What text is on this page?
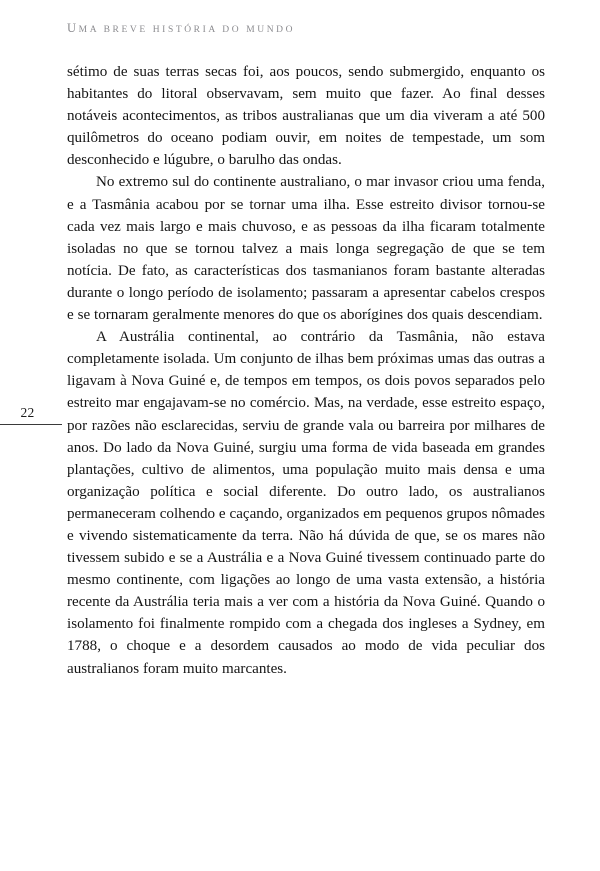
UMA BREVE HISTÓRIA DO MUNDO
22

sétimo de suas terras secas foi, aos poucos, sendo submergido, enquanto os habitantes do litoral observavam, sem muito que fazer. Ao final desses notáveis acontecimentos, as tribos australianas que um dia viveram a até 500 quilômetros do oceano podiam ouvir, em noites de tempestade, um som desconhecido e lúgubre, o barulho das ondas.

No extremo sul do continente australiano, o mar invasor criou uma fenda, e a Tasmânia acabou por se tornar uma ilha. Esse estreito divisor tornou-se cada vez mais largo e mais chuvoso, e as pessoas da ilha ficaram totalmente isoladas no que se tornou talvez a mais longa segregação de que se tem notícia. De fato, as características dos tasmanianos foram bastante alteradas durante o longo período de isolamento; passaram a apresentar cabelos crespos e se tornaram geralmente menores do que os aborígines dos quais descendiam.

A Austrália continental, ao contrário da Tasmânia, não estava completamente isolada. Um conjunto de ilhas bem próximas umas das outras a ligavam à Nova Guiné e, de tempos em tempos, os dois povos separados pelo estreito mar engajavam-se no comércio. Mas, na verdade, esse estreito espaço, por razões não esclarecidas, serviu de grande vala ou barreira por milhares de anos. Do lado da Nova Guiné, surgiu uma forma de vida baseada em grandes plantações, cultivo de alimentos, uma população muito mais densa e uma organização política e social diferente. Do outro lado, os australianos permaneceram colhendo e caçando, organizados em pequenos grupos nômades e vivendo sistematicamente da terra. Não há dúvida de que, se os mares não tivessem subido e se a Austrália e a Nova Guiné tivessem continuado parte do mesmo continente, com ligações ao longo de uma vasta extensão, a história recente da Austrália teria mais a ver com a história da Nova Guiné. Quando o isolamento foi finalmente rompido com a chegada dos ingleses a Sydney, em 1788, o choque e a desordem causados ao modo de vida peculiar dos australianos foram muito marcantes.
